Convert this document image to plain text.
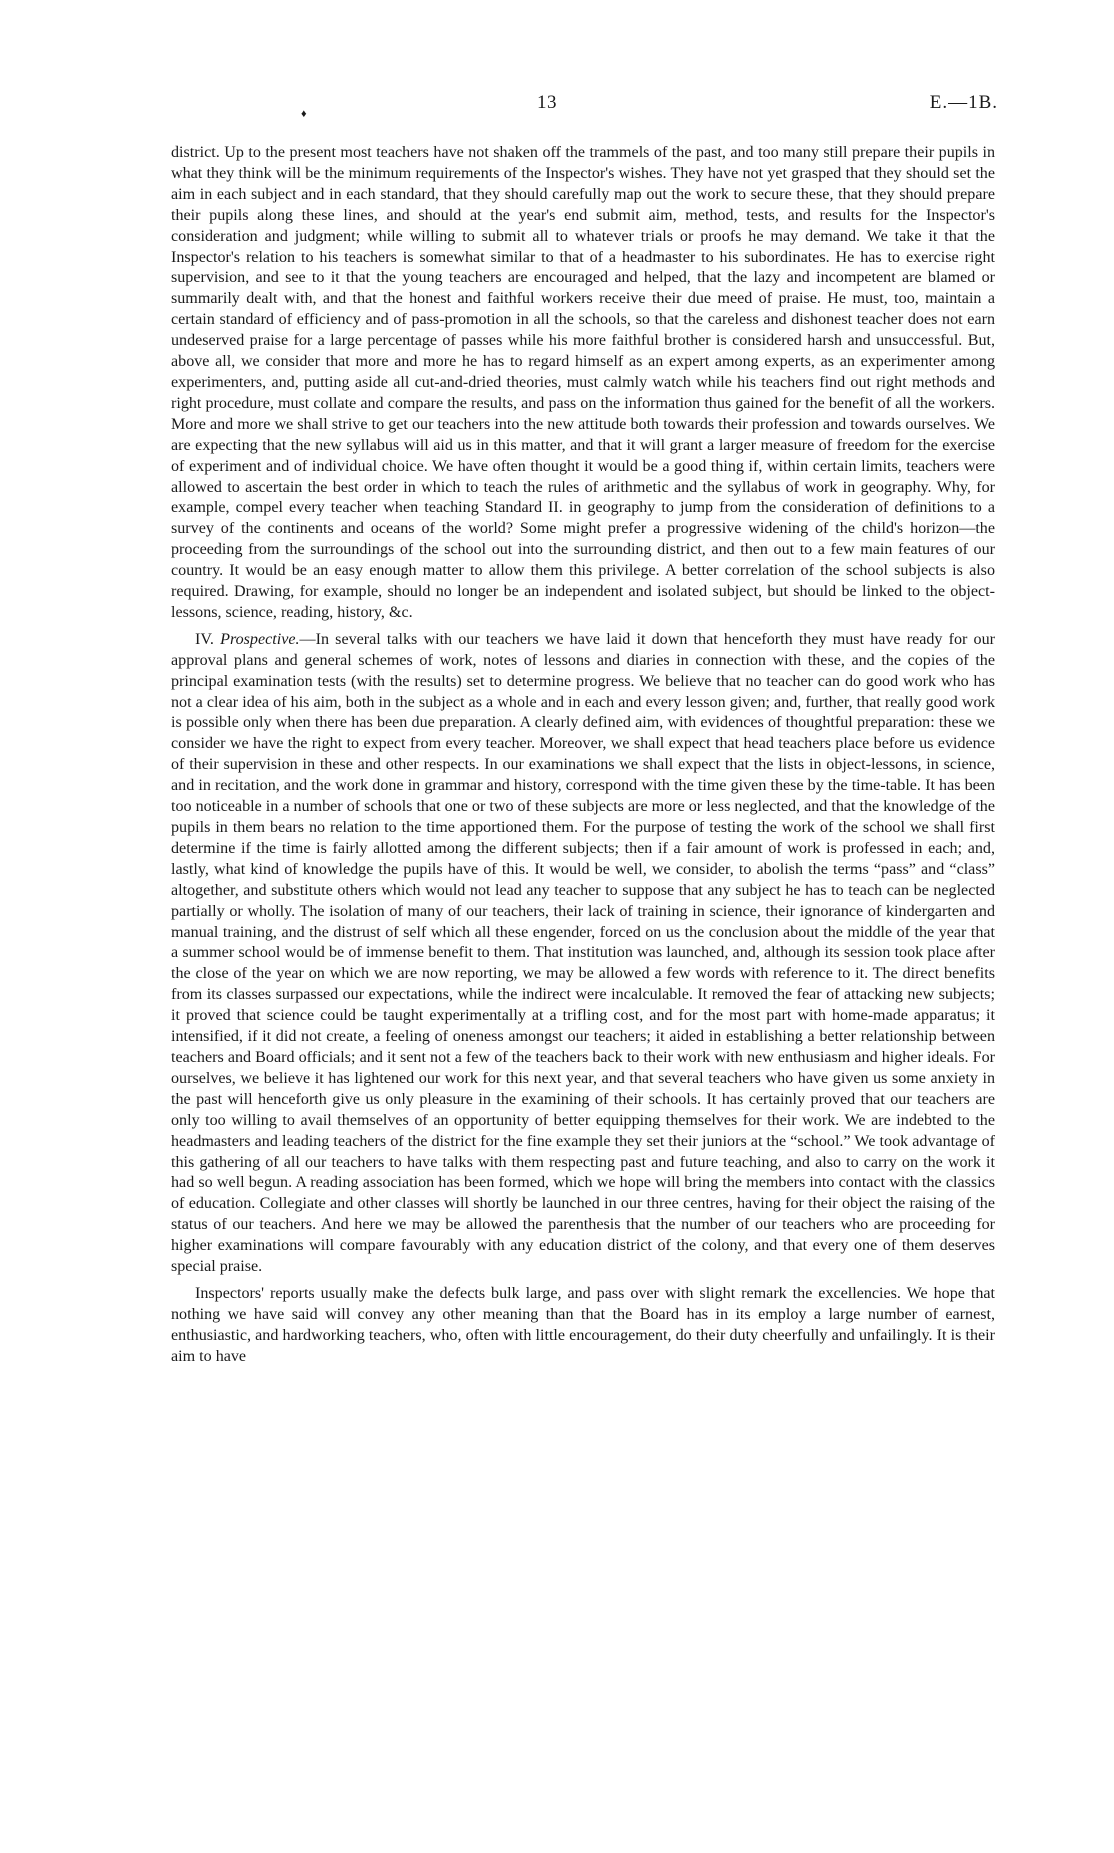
♦
13	E.—1B.

district. Up to the present most teachers have not shaken off the trammels of the past, and too many still prepare their pupils in what they think will be the minimum requirements of the Inspector's wishes. They have not yet grasped that they should set the aim in each subject and in each standard, that they should carefully map out the work to secure these, that they should prepare their pupils along these lines, and should at the year's end submit aim, method, tests, and results for the Inspector's consideration and judgment; while willing to submit all to whatever trials or proofs he may demand. We take it that the Inspector's relation to his teachers is somewhat similar to that of a headmaster to his subordinates. He has to exercise right supervision, and see to it that the young teachers are encouraged and helped, that the lazy and incompetent are blamed or summarily dealt with, and that the honest and faithful workers receive their due meed of praise. He must, too, maintain a certain standard of efficiency and of pass-promotion in all the schools, so that the careless and dishonest teacher does not earn undeserved praise for a large percentage of passes while his more faithful brother is considered harsh and unsuccessful. But, above all, we consider that more and more he has to regard himself as an expert among experts, as an experimenter among experimenters, and, putting aside all cut-and-dried theories, must calmly watch while his teachers find out right methods and right procedure, must collate and compare the results, and pass on the information thus gained for the benefit of all the workers. More and more we shall strive to get our teachers into the new attitude both towards their profession and towards ourselves. We are expecting that the new syllabus will aid us in this matter, and that it will grant a larger measure of freedom for the exercise of experiment and of individual choice. We have often thought it would be a good thing if, within certain limits, teachers were allowed to ascertain the best order in which to teach the rules of arithmetic and the syllabus of work in geography. Why, for example, compel every teacher when teaching Standard II. in geography to jump from the consideration of definitions to a survey of the continents and oceans of the world? Some might prefer a progressive widening of the child's horizon—the proceeding from the surroundings of the school out into the surrounding district, and then out to a few main features of our country. It would be an easy enough matter to allow them this privilege. A better correlation of the school subjects is also required. Drawing, for example, should no longer be an independent and isolated subject, but should be linked to the object-lessons, science, reading, history, &c.

IV. Prospective.—In several talks with our teachers we have laid it down that henceforth they must have ready for our approval plans and general schemes of work, notes of lessons and diaries in connection with these, and the copies of the principal examination tests (with the results) set to determine progress. We believe that no teacher can do good work who has not a clear idea of his aim, both in the subject as a whole and in each and every lesson given; and, further, that really good work is possible only when there has been due preparation. A clearly defined aim, with evidences of thoughtful preparation: these we consider we have the right to expect from every teacher. Moreover, we shall expect that head teachers place before us evidence of their supervision in these and other respects. In our examinations we shall expect that the lists in object-lessons, in science, and in recitation, and the work done in grammar and history, correspond with the time given these by the time-table. It has been too noticeable in a number of schools that one or two of these subjects are more or less neglected, and that the knowledge of the pupils in them bears no relation to the time apportioned them. For the purpose of testing the work of the school we shall first determine if the time is fairly allotted among the different subjects; then if a fair amount of work is professed in each; and, lastly, what kind of knowledge the pupils have of this. It would be well, we consider, to abolish the terms “pass” and “class” altogether, and substitute others which would not lead any teacher to suppose that any subject he has to teach can be neglected partially or wholly. The isolation of many of our teachers, their lack of training in science, their ignorance of kindergarten and manual training, and the distrust of self which all these engender, forced on us the conclusion about the middle of the year that a summer school would be of immense benefit to them. That institution was launched, and, although its session took place after the close of the year on which we are now reporting, we may be allowed a few words with reference to it. The direct benefits from its classes surpassed our expectations, while the indirect were incalculable. It removed the fear of attacking new subjects; it proved that science could be taught experimentally at a trifling cost, and for the most part with home-made apparatus; it intensified, if it did not create, a feeling of oneness amongst our teachers; it aided in establishing a better relationship between teachers and Board officials; and it sent not a few of the teachers back to their work with new enthusiasm and higher ideals. For ourselves, we believe it has lightened our work for this next year, and that several teachers who have given us some anxiety in the past will henceforth give us only pleasure in the examining of their schools. It has certainly proved that our teachers are only too willing to avail themselves of an opportunity of better equipping themselves for their work. We are indebted to the headmasters and leading teachers of the district for the fine example they set their juniors at the “school.” We took advantage of this gathering of all our teachers to have talks with them respecting past and future teaching, and also to carry on the work it had so well begun. A reading association has been formed, which we hope will bring the members into contact with the classics of education. Collegiate and other classes will shortly be launched in our three centres, having for their object the raising of the status of our teachers. And here we may be allowed the parenthesis that the number of our teachers who are proceeding for higher examinations will compare favourably with any education district of the colony, and that every one of them deserves special praise.

Inspectors' reports usually make the defects bulk large, and pass over with slight remark the excellencies. We hope that nothing we have said will convey any other meaning than that the Board has in its employ a large number of earnest, enthusiastic, and hardworking teachers, who, often with little encouragement, do their duty cheerfully and unfailingly. It is their aim to have
